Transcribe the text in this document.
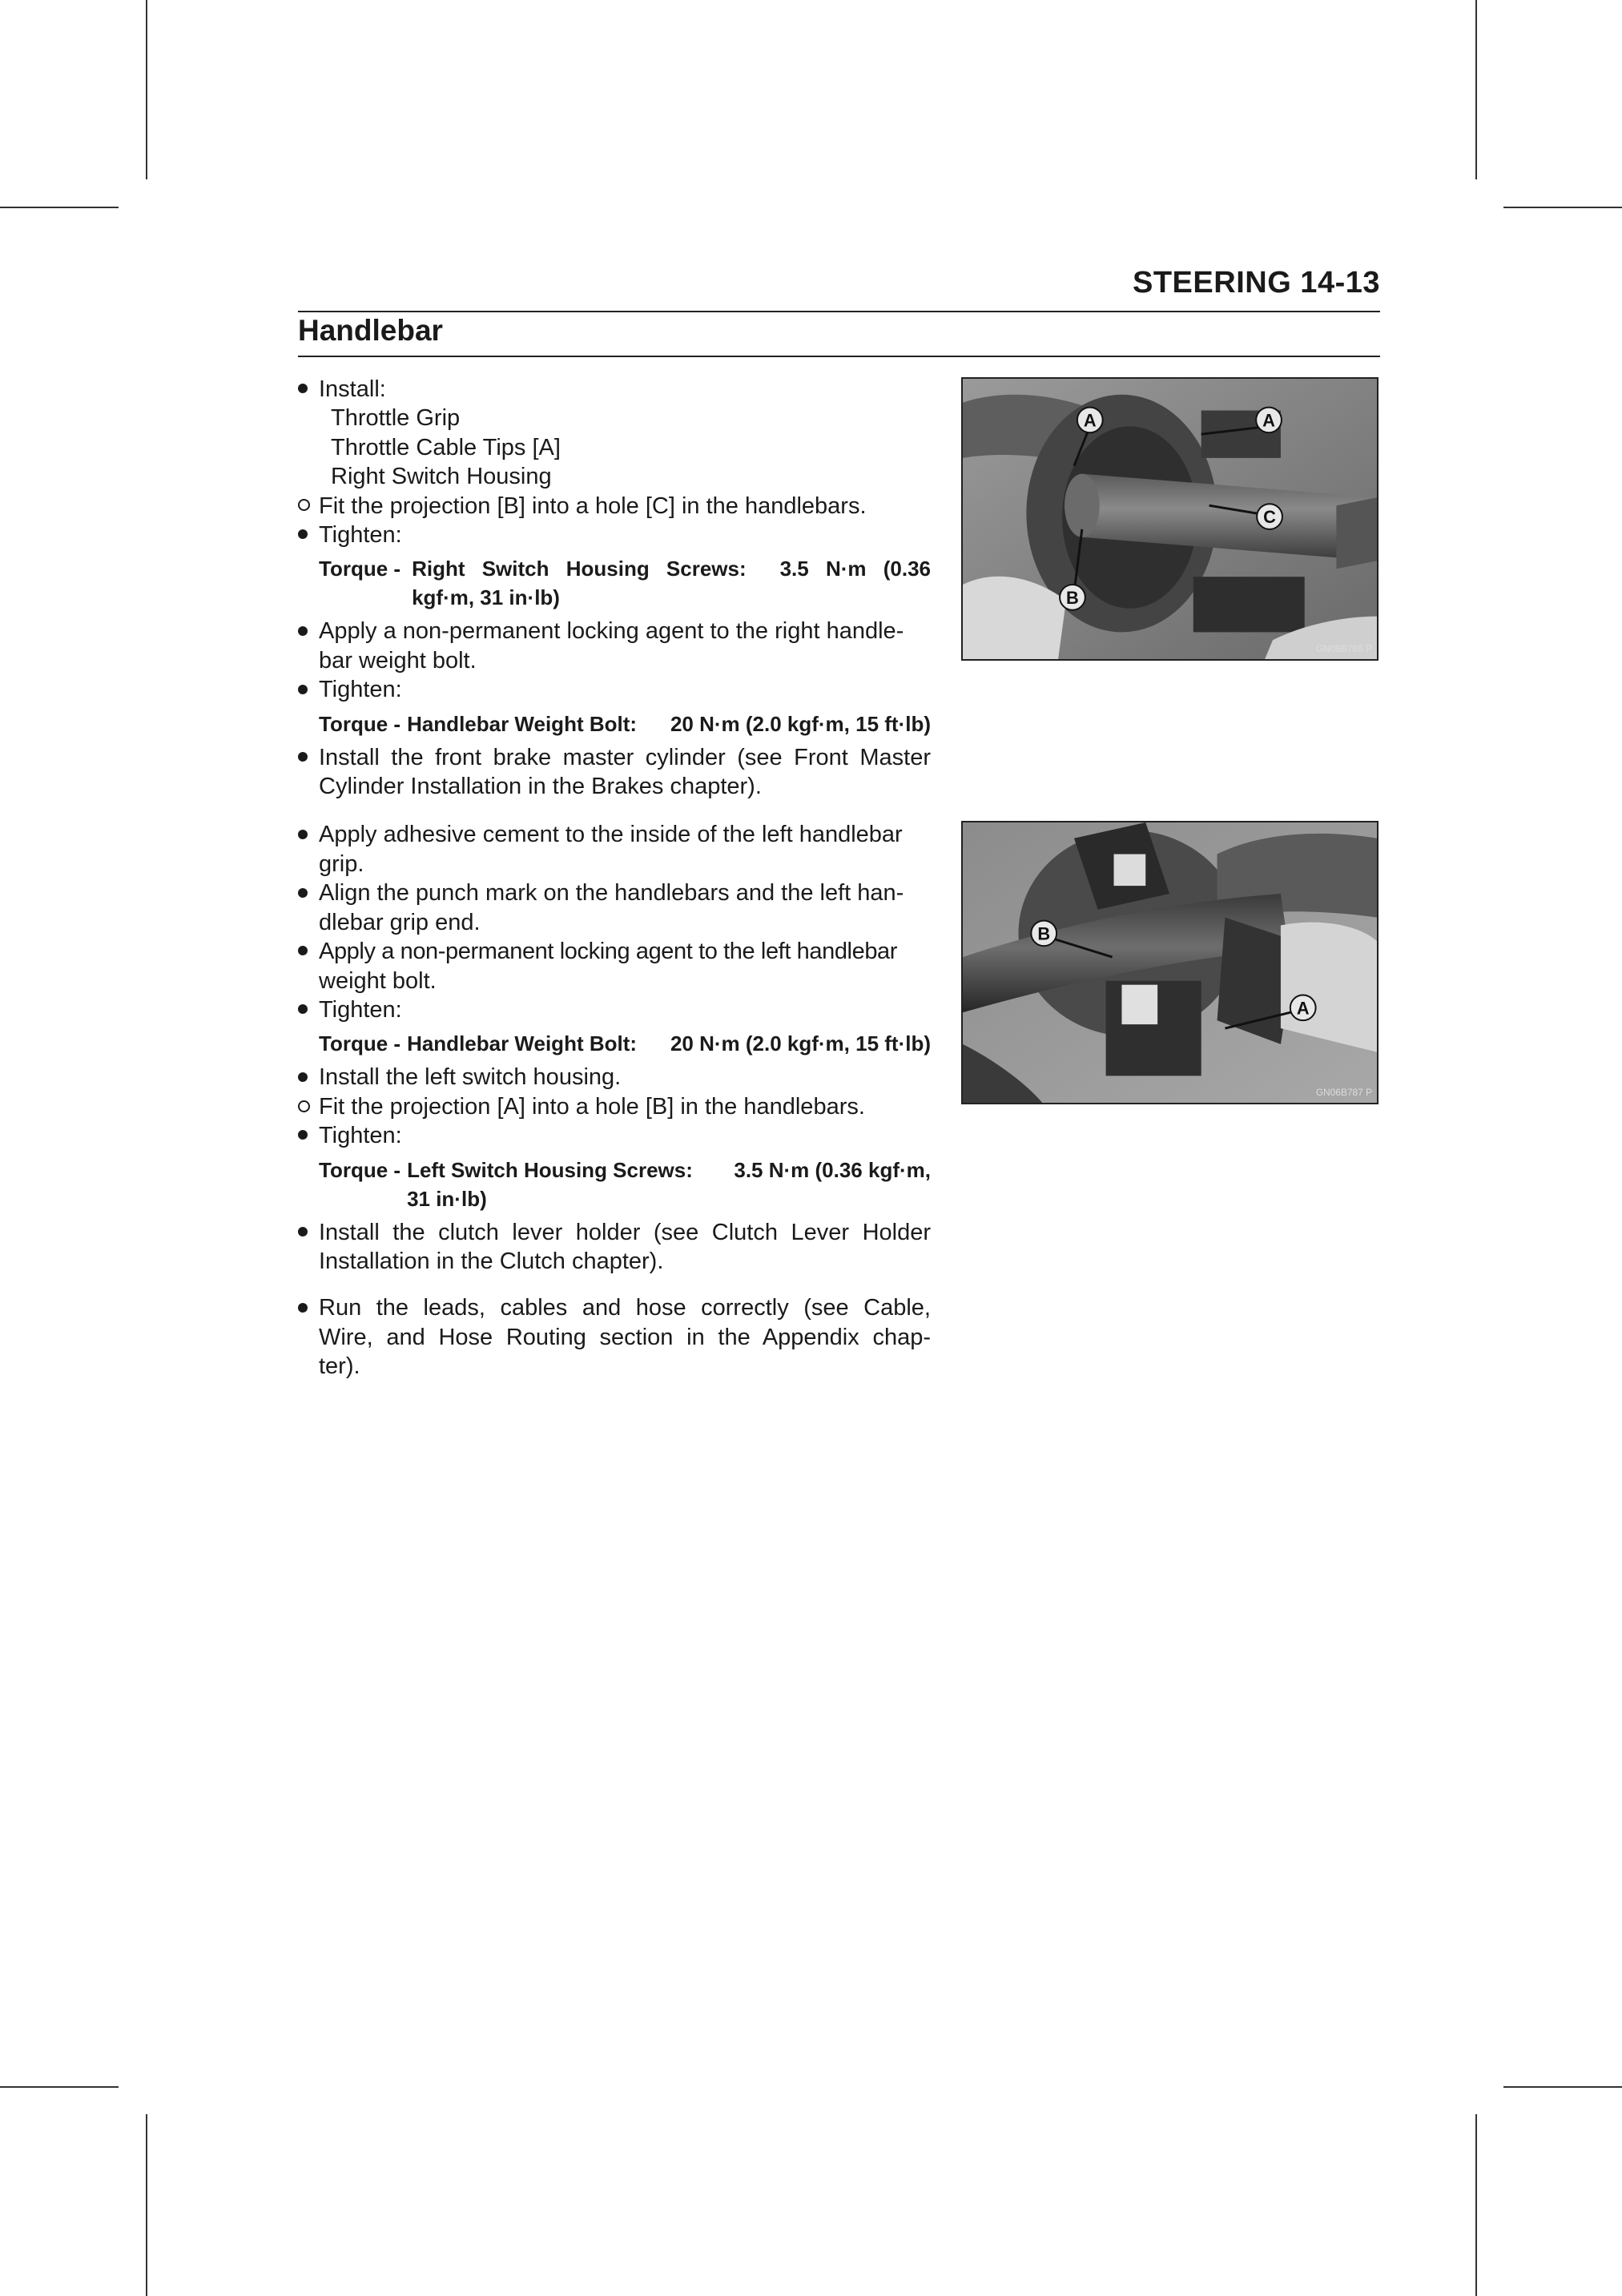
STEERING 14-13
Handlebar
Install:
Throttle Grip
Throttle Cable Tips [A]
Right Switch Housing
Fit the projection [B] into a hole [C] in the handlebars.
Tighten:
Torque - Right Switch Housing Screws: 3.5 N·m (0.36
kgf·m, 31 in·lb)
Apply a non-permanent locking agent to the right handle-
bar weight bolt.
Tighten:
Torque - Handlebar Weight Bolt: 20 N·m (2.0 kgf·m, 15 ft·lb)
Install the front brake master cylinder (see Front Master
Cylinder Installation in the Brakes chapter).
Apply adhesive cement to the inside of the left handlebar
grip.
Align the punch mark on the handlebars and the left han-
dlebar grip end.
Apply a non-permanent locking agent to the left handlebar
weight bolt.
Tighten:
Torque - Handlebar Weight Bolt: 20 N·m (2.0 kgf·m, 15 ft·lb)
Install the left switch housing.
Fit the projection [A] into a hole [B] in the handlebars.
Tighten:
Torque - Left Switch Housing Screws: 3.5 N·m (0.36 kgf·m,
31 in·lb)
Install the clutch lever holder (see Clutch Lever Holder
Installation in the Clutch chapter).
Run the leads, cables and hose correctly (see Cable,
Wire, and Hose Routing section in the Appendix chap-
ter).
A	A
B
C
GN06B786 P
B
A
GN06B787 P
